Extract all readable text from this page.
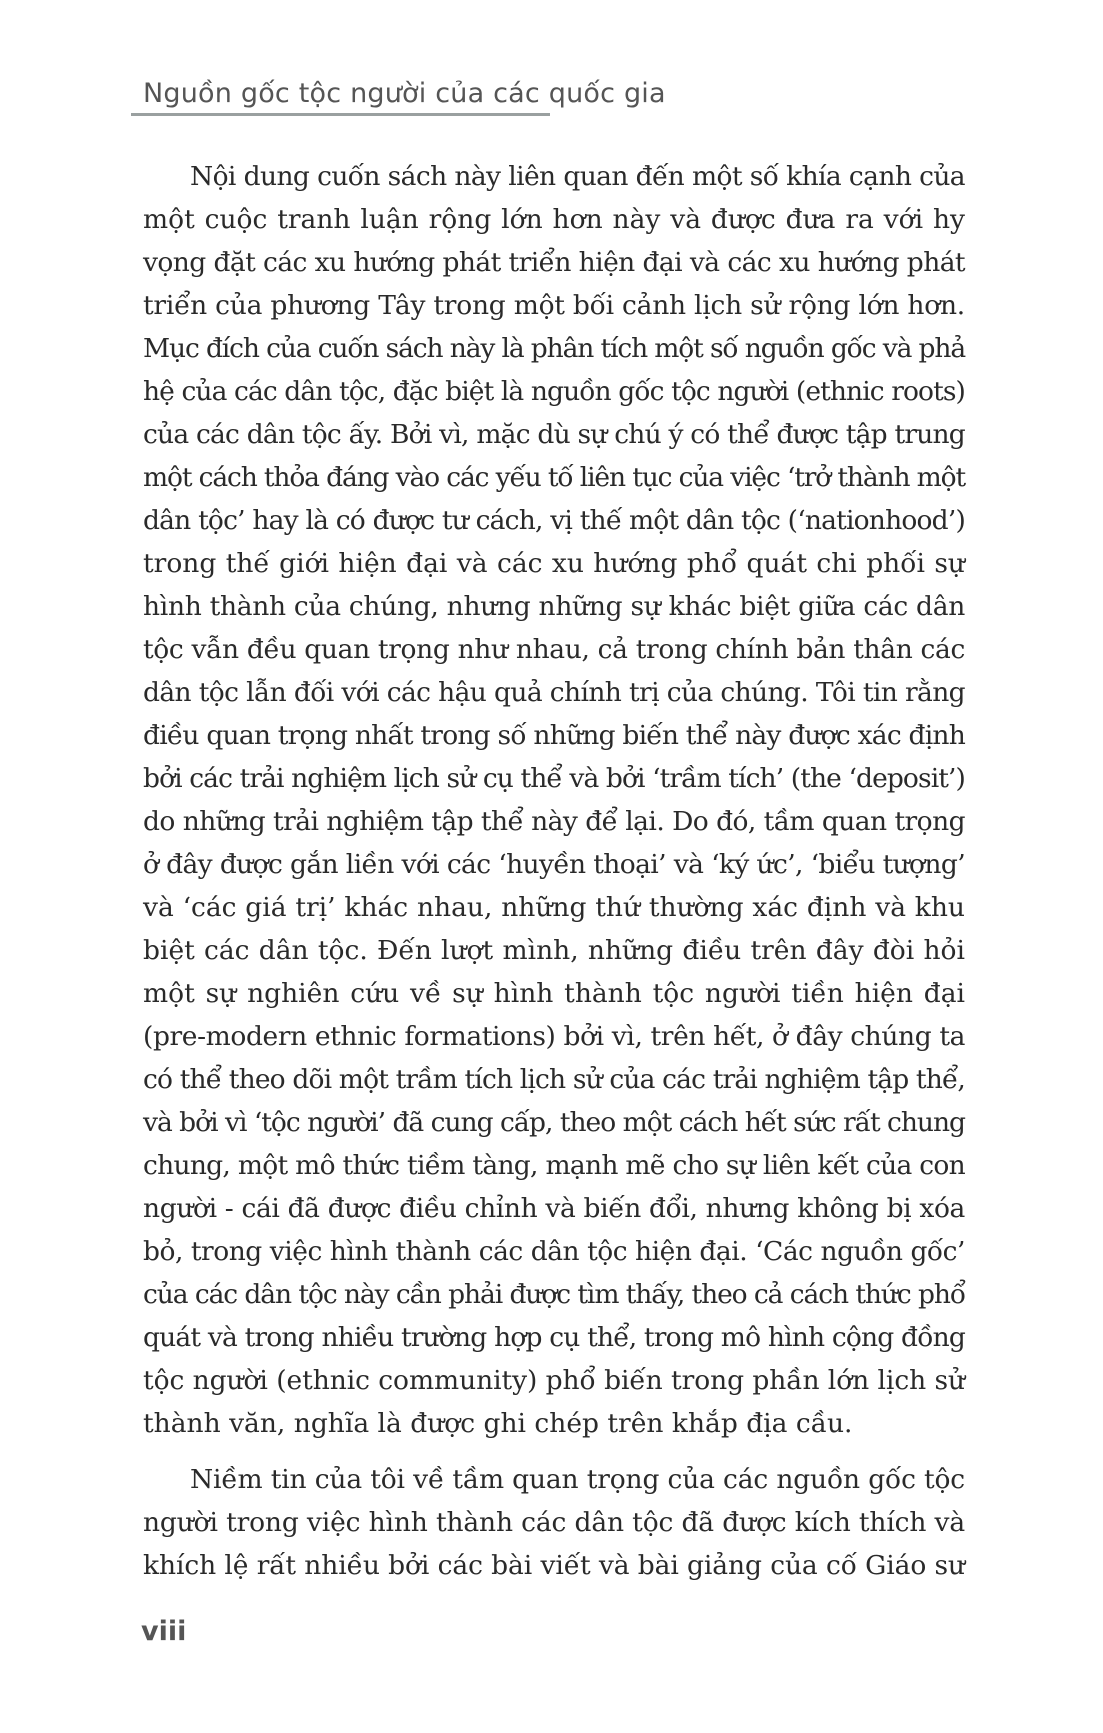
Nguồn gốc tộc người của các quốc gia
Nội dung cuốn sách này liên quan đến một số khía cạnh của
một cuộc tranh luận rộng lớn hơn này và được đưa ra với hy
vọng đặt các xu hướng phát triển hiện đại và các xu hướng phát
triển của phương Tây trong một bối cảnh lịch sử rộng lớn hơn.
Mục đích của cuốn sách này là phân tích một số nguồn gốc và phả
hệ của các dân tộc, đặc biệt là nguồn gốc tộc người (ethnic roots)
của các dân tộc ấy. Bởi vì, mặc dù sự chú ý có thể được tập trung
một cách thỏa đáng vào các yếu tố liên tục của việc ‘trở thành một
dân tộc’ hay là có được tư cách, vị thế một dân tộc (‘nationhood’)
trong thế giới hiện đại và các xu hướng phổ quát chi phối sự
hình thành của chúng, nhưng những sự khác biệt giữa các dân
tộc vẫn đều quan trọng như nhau, cả trong chính bản thân các
dân tộc lẫn đối với các hậu quả chính trị của chúng. Tôi tin rằng
điều quan trọng nhất trong số những biến thể này được xác định
bởi các trải nghiệm lịch sử cụ thể và bởi ‘trầm tích’ (the ‘deposit’)
do những trải nghiệm tập thể này để lại. Do đó, tầm quan trọng
ở đây được gắn liền với các ‘huyền thoại’ và ‘ký ức’, ‘biểu tượng’
và ‘các giá trị’ khác nhau, những thứ thường xác định và khu
biệt các dân tộc. Đến lượt mình, những điều trên đây đòi hỏi
một sự nghiên cứu về sự hình thành tộc người tiền hiện đại
(pre-modern ethnic formations) bởi vì, trên hết, ở đây chúng ta
có thể theo dõi một trầm tích lịch sử của các trải nghiệm tập thể,
và bởi vì ‘tộc người’ đã cung cấp, theo một cách hết sức rất chung
chung, một mô thức tiềm tàng, mạnh mẽ cho sự liên kết của con
người - cái đã được điều chỉnh và biến đổi, nhưng không bị xóa
bỏ, trong việc hình thành các dân tộc hiện đại. ‘Các nguồn gốc’
của các dân tộc này cần phải được tìm thấy, theo cả cách thức phổ
quát và trong nhiều trường hợp cụ thể, trong mô hình cộng đồng
tộc người (ethnic community) phổ biến trong phần lớn lịch sử
thành văn, nghĩa là được ghi chép trên khắp địa cầu.
Niềm tin của tôi về tầm quan trọng của các nguồn gốc tộc
người trong việc hình thành các dân tộc đã được kích thích và
khích lệ rất nhiều bởi các bài viết và bài giảng của cố Giáo sư
viii
